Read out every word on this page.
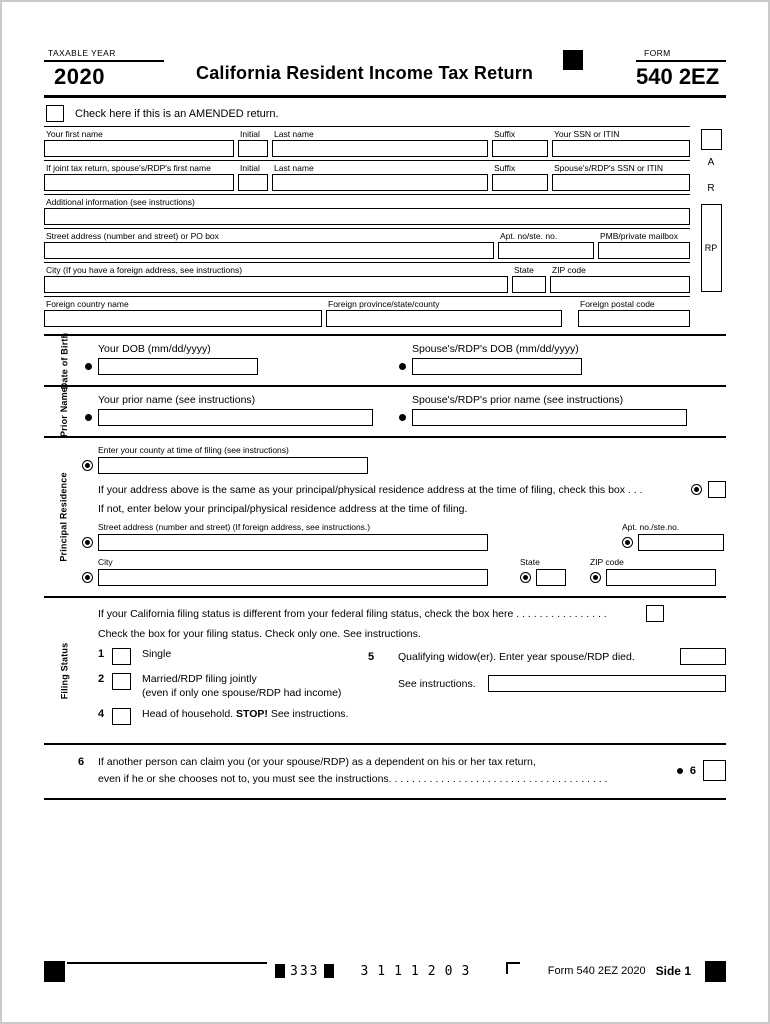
TAXABLE YEAR
2020	California Resident Income Tax Return
FORM
540 2EZ
Check here if this is an AMENDED return.
Your first name	Initial	Last name	Suffix	Your SSN or ITIN
If joint tax return, spouse's/RDP's first name	Initial	Last name	Suffix	Spouse's/RDP's SSN or ITIN
Additional information (see instructions)
Street address (number and street) or PO box	Apt. no/ste. no.	PMB/private mailbox
City (If you have a foreign address, see instructions)	State	ZIP code
Foreign country name	Foreign province/state/county	Foreign postal code
A
R
RP
Date of Birth	Your DOB (mm/dd/yyyy)	Spouse's/RDP's DOB (mm/dd/yyyy)
Prior Name	Your prior name (see instructions)	Spouse's/RDP's prior name (see instructions)
Principal Residence
Enter your county at time of filing (see instructions)
If your address above is the same as your principal/physical residence address at the time of filing, check this box . . .
If not, enter below your principal/physical residence address at the time of filing.
Street address (number and street) (If foreign address, see instructions.)	Apt. no./ste.no.
City	State	ZIP code
Filing Status
If your California filing status is different from your federal filing status, check the box here . . . . . . . . . . . . . . . .
Check the box for your filing status. Check only one. See instructions.
1	Single
2	Married/RDP filing jointly
(even if only one spouse/RDP had income)
4	Head of household. STOP! See instructions.
5	Qualifying widow(er). Enter year spouse/RDP died.
See instructions.
6	If another person can claim you (or your spouse/RDP) as a dependent on his or her tax return,
even if he or she chooses not to, you must see the instructions. . . . . . . . . . . . . . . . . . . . . . . . . . . . . . . . . . . . . .
6
333	3111203	Form 540 2EZ 2020 Side 1
